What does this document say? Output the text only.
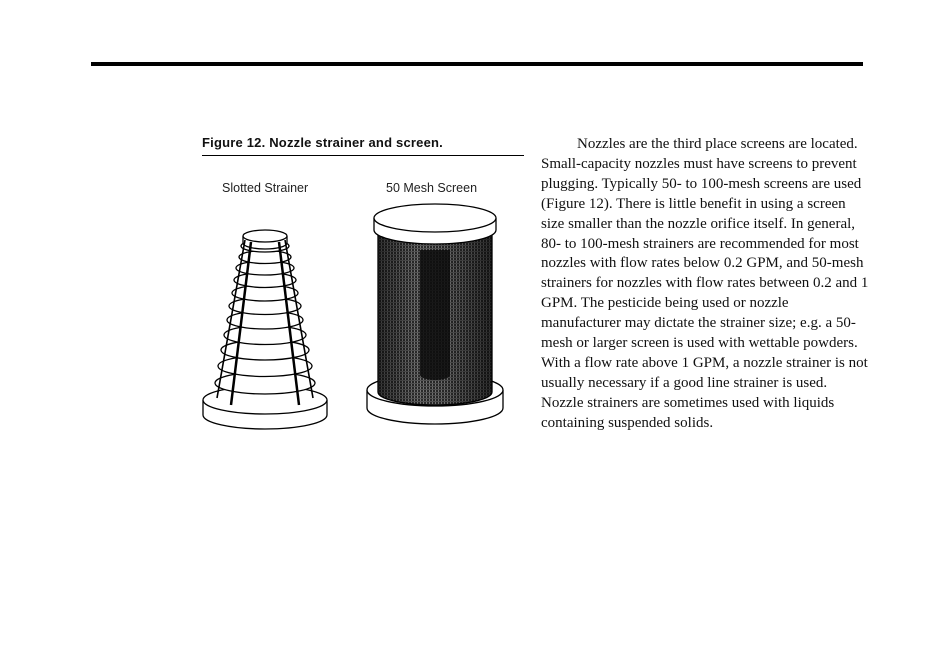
Figure 12. Nozzle strainer and screen.
Slotted Strainer	50 Mesh Screen

Nozzles are the third place screens are located. Small-capacity nozzles must have screens to prevent plugging. Typically 50- to 100-mesh screens are used (Figure 12). There is little benefit in using a screen size smaller than the nozzle orifice itself. In general, 80- to 100-mesh strainers are recommended for most nozzles with flow rates below 0.2 GPM, and 50-mesh strainers for nozzles with flow rates between 0.2 and 1 GPM. The pesticide being used or nozzle manufacturer may dictate the strainer size; e.g. a 50-mesh or larger screen is used with wettable powders. With a flow rate above 1 GPM, a nozzle strainer is not usually necessary if a good line strainer is used. Nozzle strainers are sometimes used with liquids containing suspended solids.
